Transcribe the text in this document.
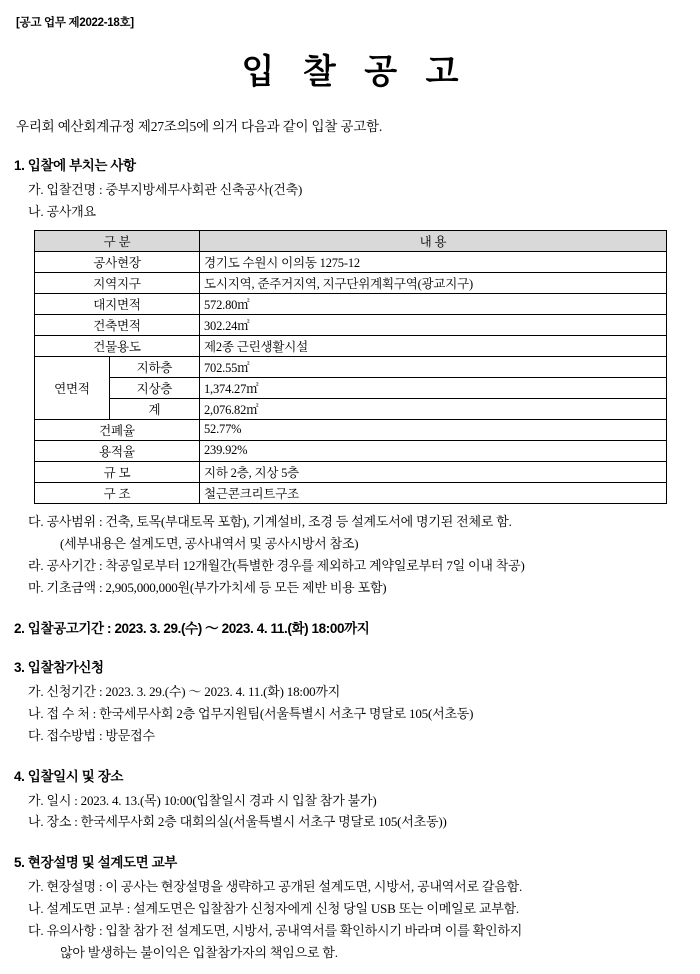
[공고 업무 제2022-18호]
입 찰 공 고
우리회 예산회계규정 제27조의5에 의거 다음과 같이 입찰 공고함.
1. 입찰에 부치는 사항
가. 입찰건명 : 중부지방세무사회관 신축공사(건축)
나. 공사개요
구 분		내 용
공사현장		경기도 수원시 이의동 1275-12
지역지구		도시지역, 준주거지역, 지구단위계획구역(광교지구)
대지면적		572.80㎡
건축면적		302.24㎡
건물용도		제2종 근린생활시설
연면적	지하층	702.55㎡
	지상층	1,374.27㎡
	계	2,076.82㎡
건폐율		52.77%
용적율		239.92%
규 모		지하 2층, 지상 5층
구 조		철근콘크리트구조
다. 공사범위 : 건축, 토목(부대토목 포함), 기계설비, 조경 등 설계도서에 명기된 전체로 함.
(세부내용은 설계도면, 공사내역서 및 공사시방서 참조)
라. 공사기간 : 착공일로부터 12개월간(특별한 경우를 제외하고 계약일로부터 7일 이내 착공)
마. 기초금액 : 2,905,000,000원(부가가치세 등 모든 제반 비용 포함)
2. 입찰공고기간 : 2023. 3. 29.(수) ～ 2023. 4. 11.(화) 18:00까지
3. 입찰참가신청
가. 신청기간 : 2023. 3. 29.(수) ～ 2023. 4. 11.(화) 18:00까지
나. 접 수 처 : 한국세무사회 2층 업무지원팀(서울특별시 서초구 명달로 105(서초동)
다. 접수방법 : 방문접수
4. 입찰일시 및 장소
가. 일시 : 2023. 4. 13.(목) 10:00(입찰일시 경과 시 입찰 참가 불가)
나. 장소 : 한국세무사회 2층 대회의실(서울특별시 서초구 명달로 105(서초동))
5. 현장설명 및 설계도면 교부
가. 현장설명 : 이 공사는 현장설명을 생략하고 공개된 설계도면, 시방서, 공내역서로 갈음함.
나. 설계도면 교부 : 설계도면은 입찰참가 신청자에게 신청 당일 USB 또는 이메일로 교부함.
다. 유의사항 : 입찰 참가 전 설계도면, 시방서, 공내역서를 확인하시기 바라며 이를 확인하지
않아 발생하는 불이익은 입찰참가자의 책임으로 함.
